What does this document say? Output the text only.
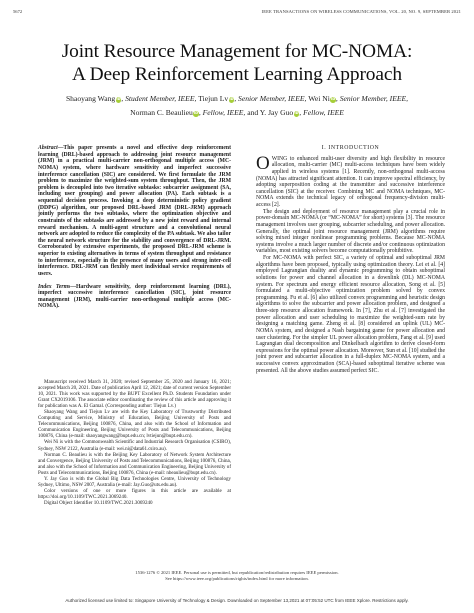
5672	IEEE TRANSACTIONS ON WIRELESS COMMUNICATIONS, VOL. 20, NO. 9, SEPTEMBER 2021
Joint Resource Management for MC-NOMA:
A Deep Reinforcement Learning Approach
Shaoyang WangiD, Student Member, IEEE, Tiejun LviD, Senior Member, IEEE, Wei NiiD, Senior Member, IEEE,
Norman C. BeaulieuiD, Fellow, IEEE, and Y. Jay GuoiD, Fellow, IEEE

Abstract—This paper presents a novel and effective deep reinforcement learning (DRL)-based approach to addressing joint resource management (JRM) in a practical multi-carrier non-orthogonal multiple access (MC-NOMA) system, where hardware sensitivity and imperfect successive interference cancellation (SIC) are considered. We first formulate the JRM problem to maximize the weighted-sum system throughput. Then, the JRM problem is decoupled into two iterative subtasks: subcarrier assignment (SA, including user grouping) and power allocation (PA). Each subtask is a sequential decision process. Invoking a deep deterministic policy gradient (DDPG) algorithm, our proposed DRL-based JRM (DRL-JRM) approach jointly performs the two subtasks, where the optimization objective and constraints of the subtasks are addressed by a new joint reward and internal reward mechanism. A multi-agent structure and a convolutional neural network are adopted to reduce the complexity of the PA subtask. We also tailor the neural network structure for the stability and convergence of DRL-JRM. Corroborated by extensive experiments, the proposed DRL-JRM scheme is superior to existing alternatives in terms of system throughput and resistance to interference, especially in the presence of many users and strong inter-cell interference. DRL-JRM can flexibly meet individual service requirements of users.

Index Terms—Hardware sensitivity, deep reinforcement learning (DRL), imperfect successive interference cancellation (SIC), joint resource management (JRM), multi-carrier non-orthogonal multiple access (MC-NOMA).

Manuscript received March 31, 2020; revised September 25, 2020 and January 16, 2021; accepted March 20, 2021. Date of publication April 12, 2021; date of current version September 10, 2021. This work was supported by the BUPT Excellent Ph.D. Students Foundation under Grant CX2019106. The associate editor coordinating the review of this article and approving it for publication was A. El Gamal. (Corresponding author: Tiejun Lv.)

Shaoyang Wang and Tiejun Lv are with the Key Laboratory of Trustworthy Distributed Computing and Service, Ministry of Education, Beijing University of Posts and Telecommunications, Beijing 100876, China, and also with the School of Information and Communication Engineering, Beijing University of Posts and Telecommunications, Beijing 100876, China (e-mail: shaoyangwang@bupt.edu.cn; lvtiejun@bupt.edu.cn).

Wei Ni is with the Commonwealth Scientific and Industrial Research Organisation (CSIRO), Sydney, NSW 2122, Australia (e-mail: wei.ni@data61.csiro.au).

Norman C. Beaulieu is with the Beijing Key Laboratory of Network System Architecture and Convergence, Beijing University of Posts and Telecommunications, Beijing 100876, China, and also with the School of Information and Communication Engineering, Beijing University of Posts and Telecommunications, Beijing 100876, China (e-mail: nbeaulieu@bupt.edu.cn).

Y. Jay Guo is with the Global Big Data Technologies Centre, University of Technology Sydney, Ultimo, NSW 2007, Australia (e-mail: Jay.Guo@uts.edu.au).

Color versions of one or more figures in this article are available at https://doi.org/10.1109/TWC.2021.3069240.

Digital Object Identifier 10.1109/TWC.2021.3069240

I. INTRODUCTION

OWING to enhanced multi-user diversity and high flexibility in resource allocation, multi-carrier (MC) multi-access techniques have been widely applied in wireless systems [1]. Recently, non-orthogonal multi-access (NOMA) has attracted significant attention. It can improve spectral efficiency, by adopting superposition coding at the transmitter and successive interference cancellation (SIC) at the receiver. Combining MC and NOMA techniques, MC-NOMA extends the technical legacy of orthogonal frequency-division multi-access [2].

The design and deployment of resource management play a crucial role in power-domain MC-NOMA (or “MC-NOMA” for short) systems [3]. The resource management involves user grouping, subcarrier scheduling, and power allocation. Generally, the optimal joint resource management (JRM) algorithms require solving mixed integer nonlinear programming problems. Because MC-NOMA systems involve a much larger number of discrete and/or continuous optimization variables, most existing solvers become computationally prohibitive.

For MC-NOMA with perfect SIC, a variety of optimal and suboptimal JRM algorithms have been proposed, typically using optimization theory. Lei et al. [4] employed Lagrangian duality and dynamic programming to obtain suboptimal solutions for power and channel allocation in a downlink (DL) MC-NOMA system. For spectrum and energy efficient resource allocation, Song et al. [5] formulated a multi-objective optimization problem solved by convex programming. Fu et al. [6] also utilized convex programming and heuristic design algorithms to solve the subcarrier and power allocation problem, and designed a three-step resource allocation framework. In [7], Zhu et al. [7] investigated the power allocation and user scheduling to maximize the weighted-sum rate by designing a matching game. Zheng et al. [8] considered an uplink (UL) MC-NOMA system, and designed a Nash bargaining game for power allocation and user clustering. For the simpler UL power allocation problem, Fang et al. [9] used Lagrangian dual decomposition and Dinkelbach algorithm to derive closed-form expressions for the optimal power allocation. Moreover, Sun et al. [10] studied the joint power and subcarrier allocation in a full-duplex MC-NOMA system, and a successive convex approximation (SCA)-based suboptimal iterative scheme was presented. All the above studies assumed perfect SIC.

1536-1276 © 2021 IEEE. Personal use is permitted, but republication/redistribution requires IEEE permission.
See https://www.ieee.org/publications/rights/index.html for more information.
Authorized licensed use limited to: Singapore University of Technology & Design. Downloaded on September 13,2021 at 07:05:52 UTC from IEEE Xplore. Restrictions apply.
